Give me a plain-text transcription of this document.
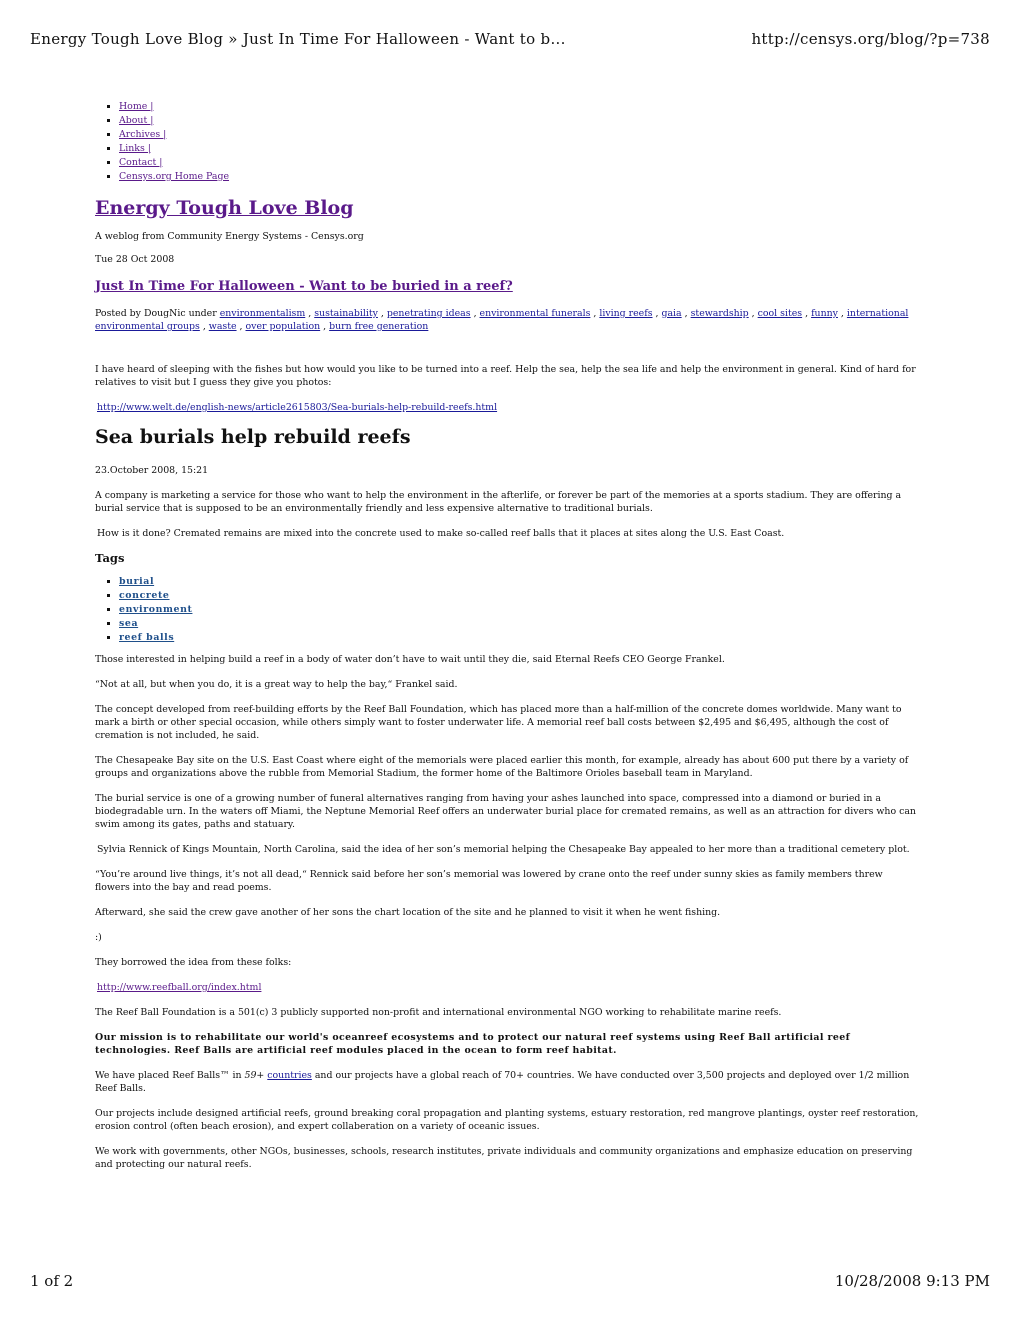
Energy Tough Love Blog » Just In Time For Halloween - Want to b...	http://censys.org/blog/?p=738
▪ Home |
▪ About |
▪ Archives |
▪ Links |
▪ Contact |
▪ Censys.org Home Page
Energy Tough Love Blog

A weblog from Community Energy Systems - Censys.org

Tue 28 Oct 2008

Just In Time For Halloween - Want to be buried in a reef?

Posted by DougNic under environmentalism , sustainability , penetrating ideas , environmental funerals , living reefs , gaia , stewardship , cool sites , funny , international environmental groups , waste , over population , burn free generation

I have heard of sleeping with the fishes but how would you like to be turned into a reef. Help the sea, help the sea life and help the environment in general. Kind of hard for relatives to visit but I guess they give you photos:

http://www.welt.de/english-news/article2615803/Sea-burials-help-rebuild-reefs.html

Sea burials help rebuild reefs

23.October 2008, 15:21

A company is marketing a service for those who want to help the environment in the afterlife, or forever be part of the memories at a sports stadium. They are offering a burial service that is supposed to be an environmentally friendly and less expensive alternative to traditional burials.

How is it done? Cremated remains are mixed into the concrete used to make so-called reef balls that it places at sites along the U.S. East Coast.

Tags
▪ burial
▪ concrete
▪ environment
▪ sea
▪ reef balls

Those interested in helping build a reef in a body of water don’t have to wait until they die, said Eternal Reefs CEO George Frankel.

“Not at all, but when you do, it is a great way to help the bay,“ Frankel said.

The concept developed from reef-building efforts by the Reef Ball Foundation, which has placed more than a half-million of the concrete domes worldwide. Many want to mark a birth or other special occasion, while others simply want to foster underwater life. A memorial reef ball costs between $2,495 and $6,495, although the cost of cremation is not included, he said.

The Chesapeake Bay site on the U.S. East Coast where eight of the memorials were placed earlier this month, for example, already has about 600 put there by a variety of groups and organizations above the rubble from Memorial Stadium, the former home of the Baltimore Orioles baseball team in Maryland.

The burial service is one of a growing number of funeral alternatives ranging from having your ashes launched into space, compressed into a diamond or buried in a biodegradable urn. In the waters off Miami, the Neptune Memorial Reef offers an underwater burial place for cremated remains, as well as an attraction for divers who can swim among its gates, paths and statuary.

Sylvia Rennick of Kings Mountain, North Carolina, said the idea of her son’s memorial helping the Chesapeake Bay appealed to her more than a traditional cemetery plot.

“You’re around live things, it’s not all dead,“ Rennick said before her son’s memorial was lowered by crane onto the reef under sunny skies as family members threw flowers into the bay and read poems.

Afterward, she said the crew gave another of her sons the chart location of the site and he planned to visit it when he went fishing.

:)

They borrowed the idea from these folks:

http://www.reefball.org/index.html

The Reef Ball Foundation is a 501(c) 3 publicly supported non-profit and international environmental NGO working to rehabilitate marine reefs.

Our mission is to rehabilitate our world's oceanreef ecosystems and to protect our natural reef systems using Reef Ball artificial reef technologies. Reef Balls are artificial reef modules placed in the ocean to form reef habitat.

We have placed Reef Balls™ in 59+ countries and our projects have a global reach of 70+ countries. We have conducted over 3,500 projects and deployed over 1/2 million Reef Balls.

Our projects include designed artificial reefs, ground breaking coral propagation and planting systems, estuary restoration, red mangrove plantings, oyster reef restoration, erosion control (often beach erosion), and expert collaberation on a variety of oceanic issues.

We work with governments, other NGOs, businesses, schools, research institutes, private individuals and community organizations and emphasize education on preserving and protecting our natural reefs.

1 of 2	10/28/2008 9:13 PM
